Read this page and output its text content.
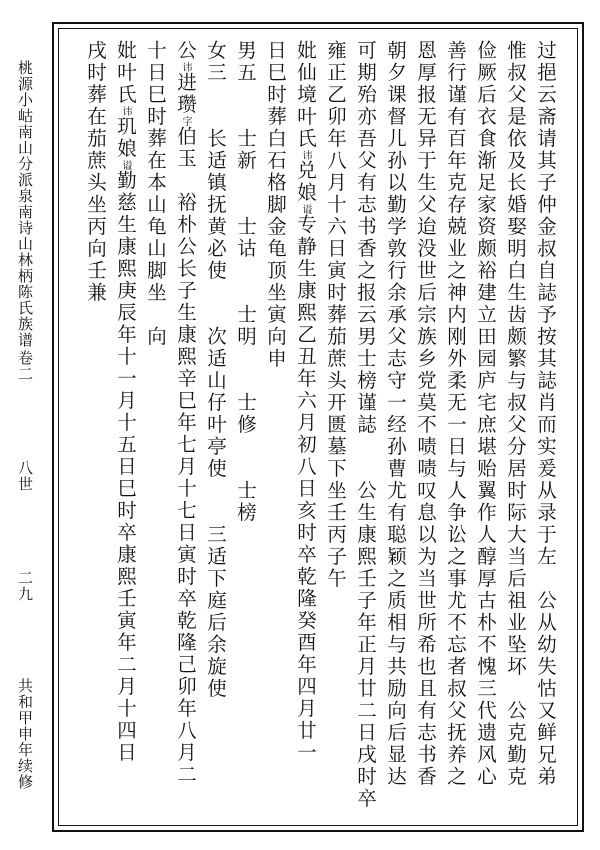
桃源小岵南山分派泉南诗山林柄陈氏族谱
卷二
八世
二九
共和甲申年续修	过挹云斋请其子仲金叔自誌予按其誌肖而实爰从录于左　公从幼失怙又鲜兄弟
惟叔父是依及长婚娶明白生齿颇繁与叔父分居时际大当后祖业坠坏　公克勤克
俭厥后衣食渐足家资颇裕建立田园庐宅庶堪贻翼作人醇厚古朴不愧三代遗风心
善行谨有百年克存兢业之神内刚外柔无一日与人争讼之事尤不忘者叔父抚养之
恩厚报无异于生父迨没世后宗族乡党莫不啧啧叹息以为当世所希也且有志书香
朝夕课督儿孙以勤学敦行余承父志守一经孙曹尤有聪颖之质相与共励向后显达
可期殆亦吾父有志书香之报云男士榜谨誌　　公生康熙壬子年正月廿二日戌时卒
雍正乙卯年八月十六日寅时葬茄蔗头开匮墓下坐壬丙子午
妣仙境叶氏讳兑娘谥专静生康熙乙丑年六月初八日亥时卒乾隆癸酉年四月廿一
日巳时葬白石格脚金龟顶坐寅向申
男五　　士新　　士诂　　士明　　士修　　士榜
女三　　长适镇抚黄必使　　次适山仔叶亭使　　三适下庭后余旋使
公讳进瓒字伯玉　裕朴公长子生康熙辛巳年七月十七日寅时卒乾隆己卯年八月二
十日巳时葬在本山龟山脚坐　向
妣叶氏讳玑娘谥勤慈生康熙庚辰年十一月十五日巳时卒康熙壬寅年二月十四日
戌时葬在茄蔗头坐丙向壬兼
